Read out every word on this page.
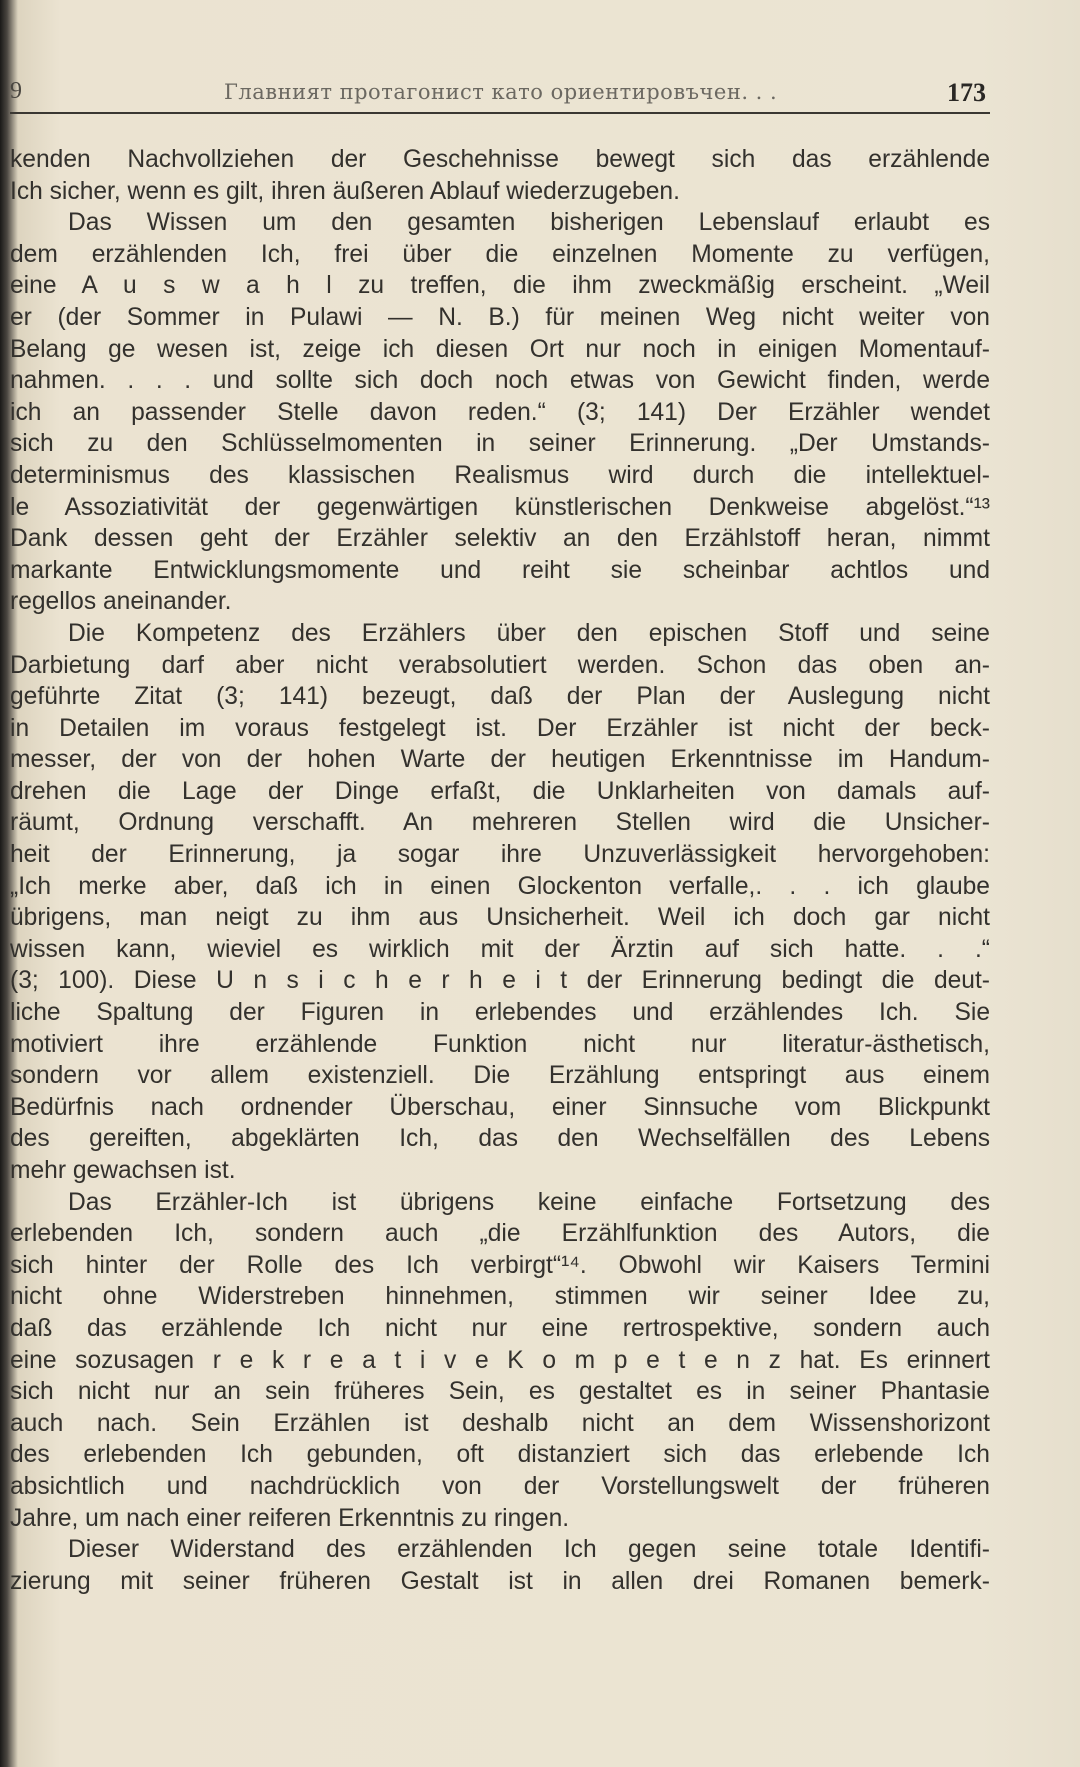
9	Главният протагонист като ориентировъчен. . .	173
kenden Nachvollziehen der Geschehnisse bewegt sich das erzählende
Ich sicher, wenn es gilt, ihren äußeren Ablauf wiederzugeben.
Das Wissen um den gesamten bisherigen Lebenslauf erlaubt es
dem erzählenden Ich, frei über die einzelnen Momente zu verfügen,
eine A u s w a h l zu treffen, die ihm zweckmäßig erscheint. „Weil
er (der Sommer in Pulawi — N. B.) für meinen Weg nicht weiter von
Belang ge wesen ist, zeige ich diesen Ort nur noch in einigen Momentauf-
nahmen. . . . und sollte sich doch noch etwas von Gewicht finden, werde
ich an passender Stelle davon reden.“ (3; 141) Der Erzähler wendet
sich zu den Schlüsselmomenten in seiner Erinnerung. „Der Umstands-
determinismus des klassischen Realismus wird durch die intellektuel-
le Assoziativität der gegenwärtigen künstlerischen Denkweise abgelöst.“¹³
Dank dessen geht der Erzähler selektiv an den Erzählstoff heran, nimmt
markante Entwicklungsmomente und reiht sie scheinbar achtlos und
regellos aneinander.
Die Kompetenz des Erzählers über den epischen Stoff und seine
Darbietung darf aber nicht verabsolutiert werden. Schon das oben an-
geführte Zitat (3; 141) bezeugt, daß der Plan der Auslegung nicht
in Detailen im voraus festgelegt ist. Der Erzähler ist nicht der beck-
messer, der von der hohen Warte der heutigen Erkenntnisse im Handum-
drehen die Lage der Dinge erfaßt, die Unklarheiten von damals auf-
räumt, Ordnung verschafft. An mehreren Stellen wird die Unsicher-
heit der Erinnerung, ja sogar ihre Unzuverlässigkeit hervorgehoben:
„Ich merke aber, daß ich in einen Glockenton verfalle,. . . ich glaube
übrigens, man neigt zu ihm aus Unsicherheit. Weil ich doch gar nicht
wissen kann, wieviel es wirklich mit der Ärztin auf sich hatte. . .“
(3; 100). Diese U n s i c h e r h e i t der Erinnerung bedingt die deut-
liche Spaltung der Figuren in erlebendes und erzählendes Ich. Sie
motiviert ihre erzählende Funktion nicht nur literatur-ästhetisch,
sondern vor allem existenziell. Die Erzählung entspringt aus einem
Bedürfnis nach ordnender Überschau, einer Sinnsuche vom Blickpunkt
des gereiften, abgeklärten Ich, das den Wechselfällen des Lebens
mehr gewachsen ist.
Das Erzähler-Ich ist übrigens keine einfache Fortsetzung des
erlebenden Ich, sondern auch „die Erzählfunktion des Autors, die
sich hinter der Rolle des Ich verbirgt“¹⁴. Obwohl wir Kaisers Termini
nicht ohne Widerstreben hinnehmen, stimmen wir seiner Idee zu,
daß das erzählende Ich nicht nur eine rertrospektive, sondern auch
eine sozusagen r e k r e a t i v e K o m p e t e n z hat. Es erinnert
sich nicht nur an sein früheres Sein, es gestaltet es in seiner Phantasie
auch nach. Sein Erzählen ist deshalb nicht an dem Wissenshorizont
des erlebenden Ich gebunden, oft distanziert sich das erlebende Ich
absichtlich und nachdrücklich von der Vorstellungswelt der früheren
Jahre, um nach einer reiferen Erkenntnis zu ringen.
Dieser Widerstand des erzählenden Ich gegen seine totale Identifi-
zierung mit seiner früheren Gestalt ist in allen drei Romanen bemerk-
